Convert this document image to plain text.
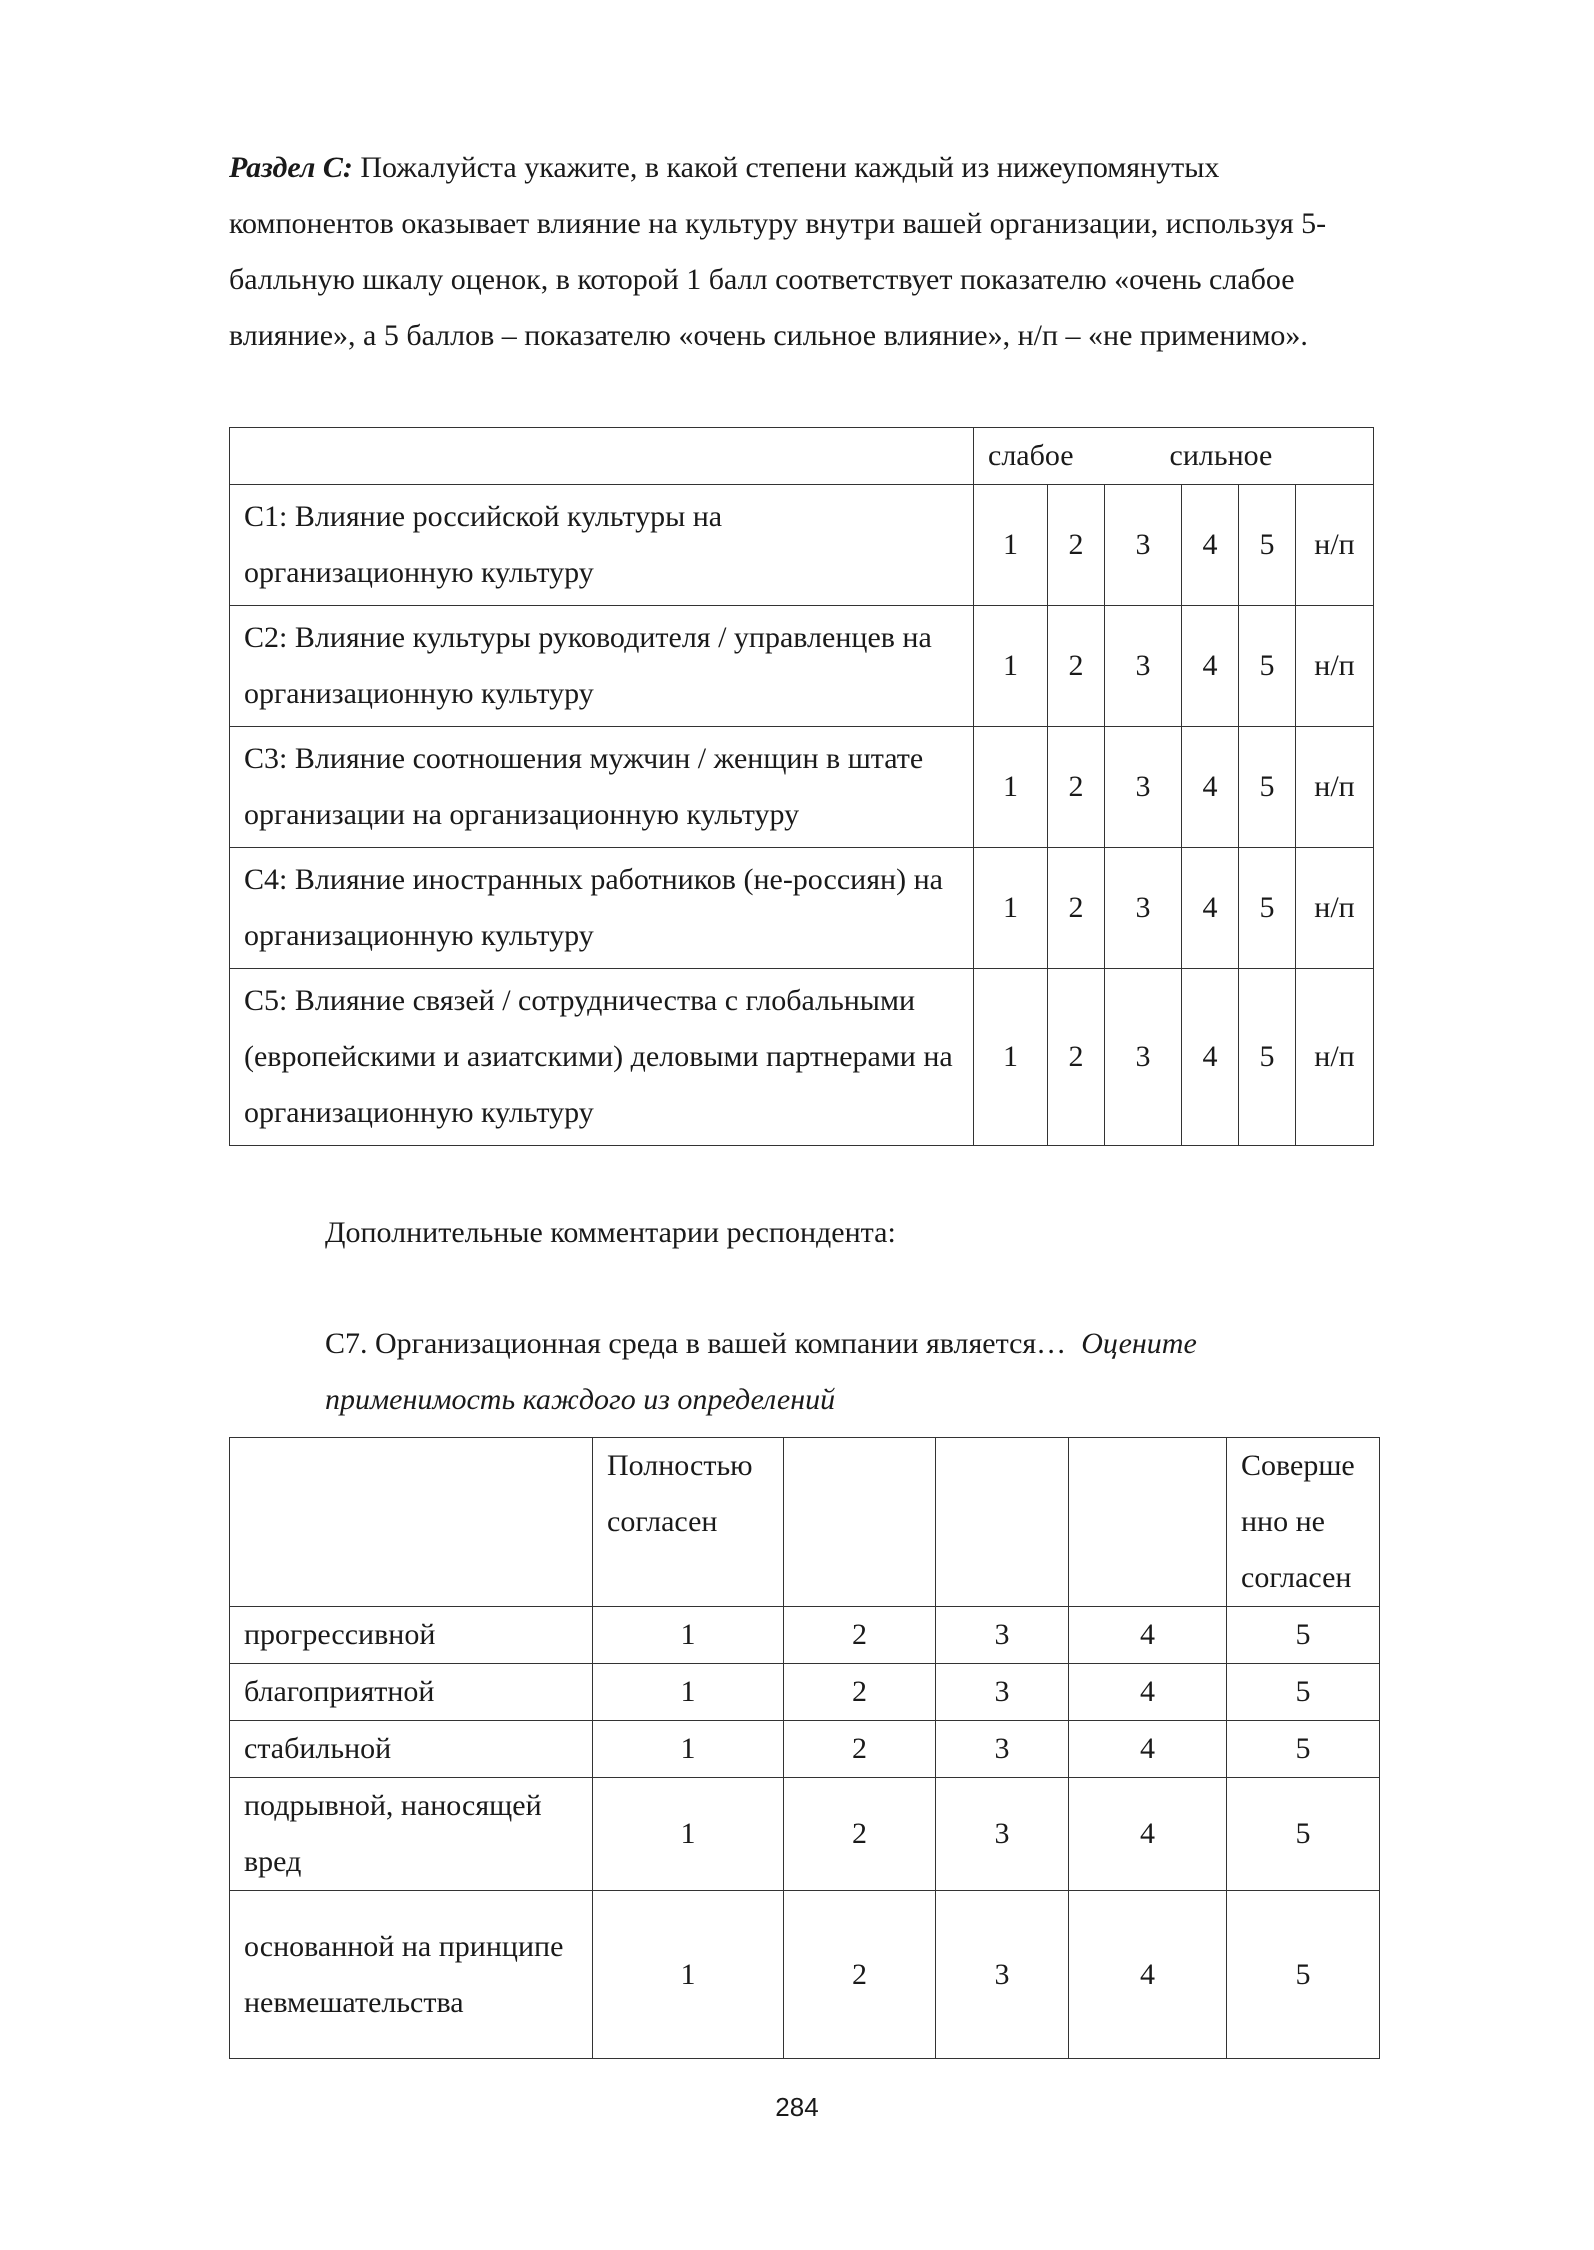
Раздел С: Пожалуйста укажите, в какой степени каждый из нижеупомянутых компонентов оказывает влияние на культуру внутри вашей организации, используя 5-балльную шкалу оценок, в которой 1 балл соответствует показателю «очень слабое влияние», а 5 баллов – показателю «очень сильное влияние», н/п – «не применимо».
	слабое сильное					
С1: Влияние российской культуры на организационную культуру	1	2	3	4	5	н/п
С2: Влияние культуры руководителя / управленцев на организационную культуру	1	2	3	4	5	н/п
С3: Влияние соотношения мужчин / женщин в штате организации на организационную культуру	1	2	3	4	5	н/п
С4: Влияние иностранных работников (не-россиян) на организационную культуру	1	2	3	4	5	н/п
С5: Влияние связей / сотрудничества с глобальными (европейскими и азиатскими) деловыми партнерами на организационную культуру	1	2	3	4	5	н/п
Дополнительные комментарии респондента:
С7. Организационная среда в вашей компании является… Оцените применимость каждого из определений
	Полностью согласен				Соверше нно не согласен
прогрессивной	1	2	3	4	5
благоприятной	1	2	3	4	5
стабильной	1	2	3	4	5
подрывной, наносящей вред	1	2	3	4	5
основанной на принципе невмешательства	1	2	3	4	5
284
